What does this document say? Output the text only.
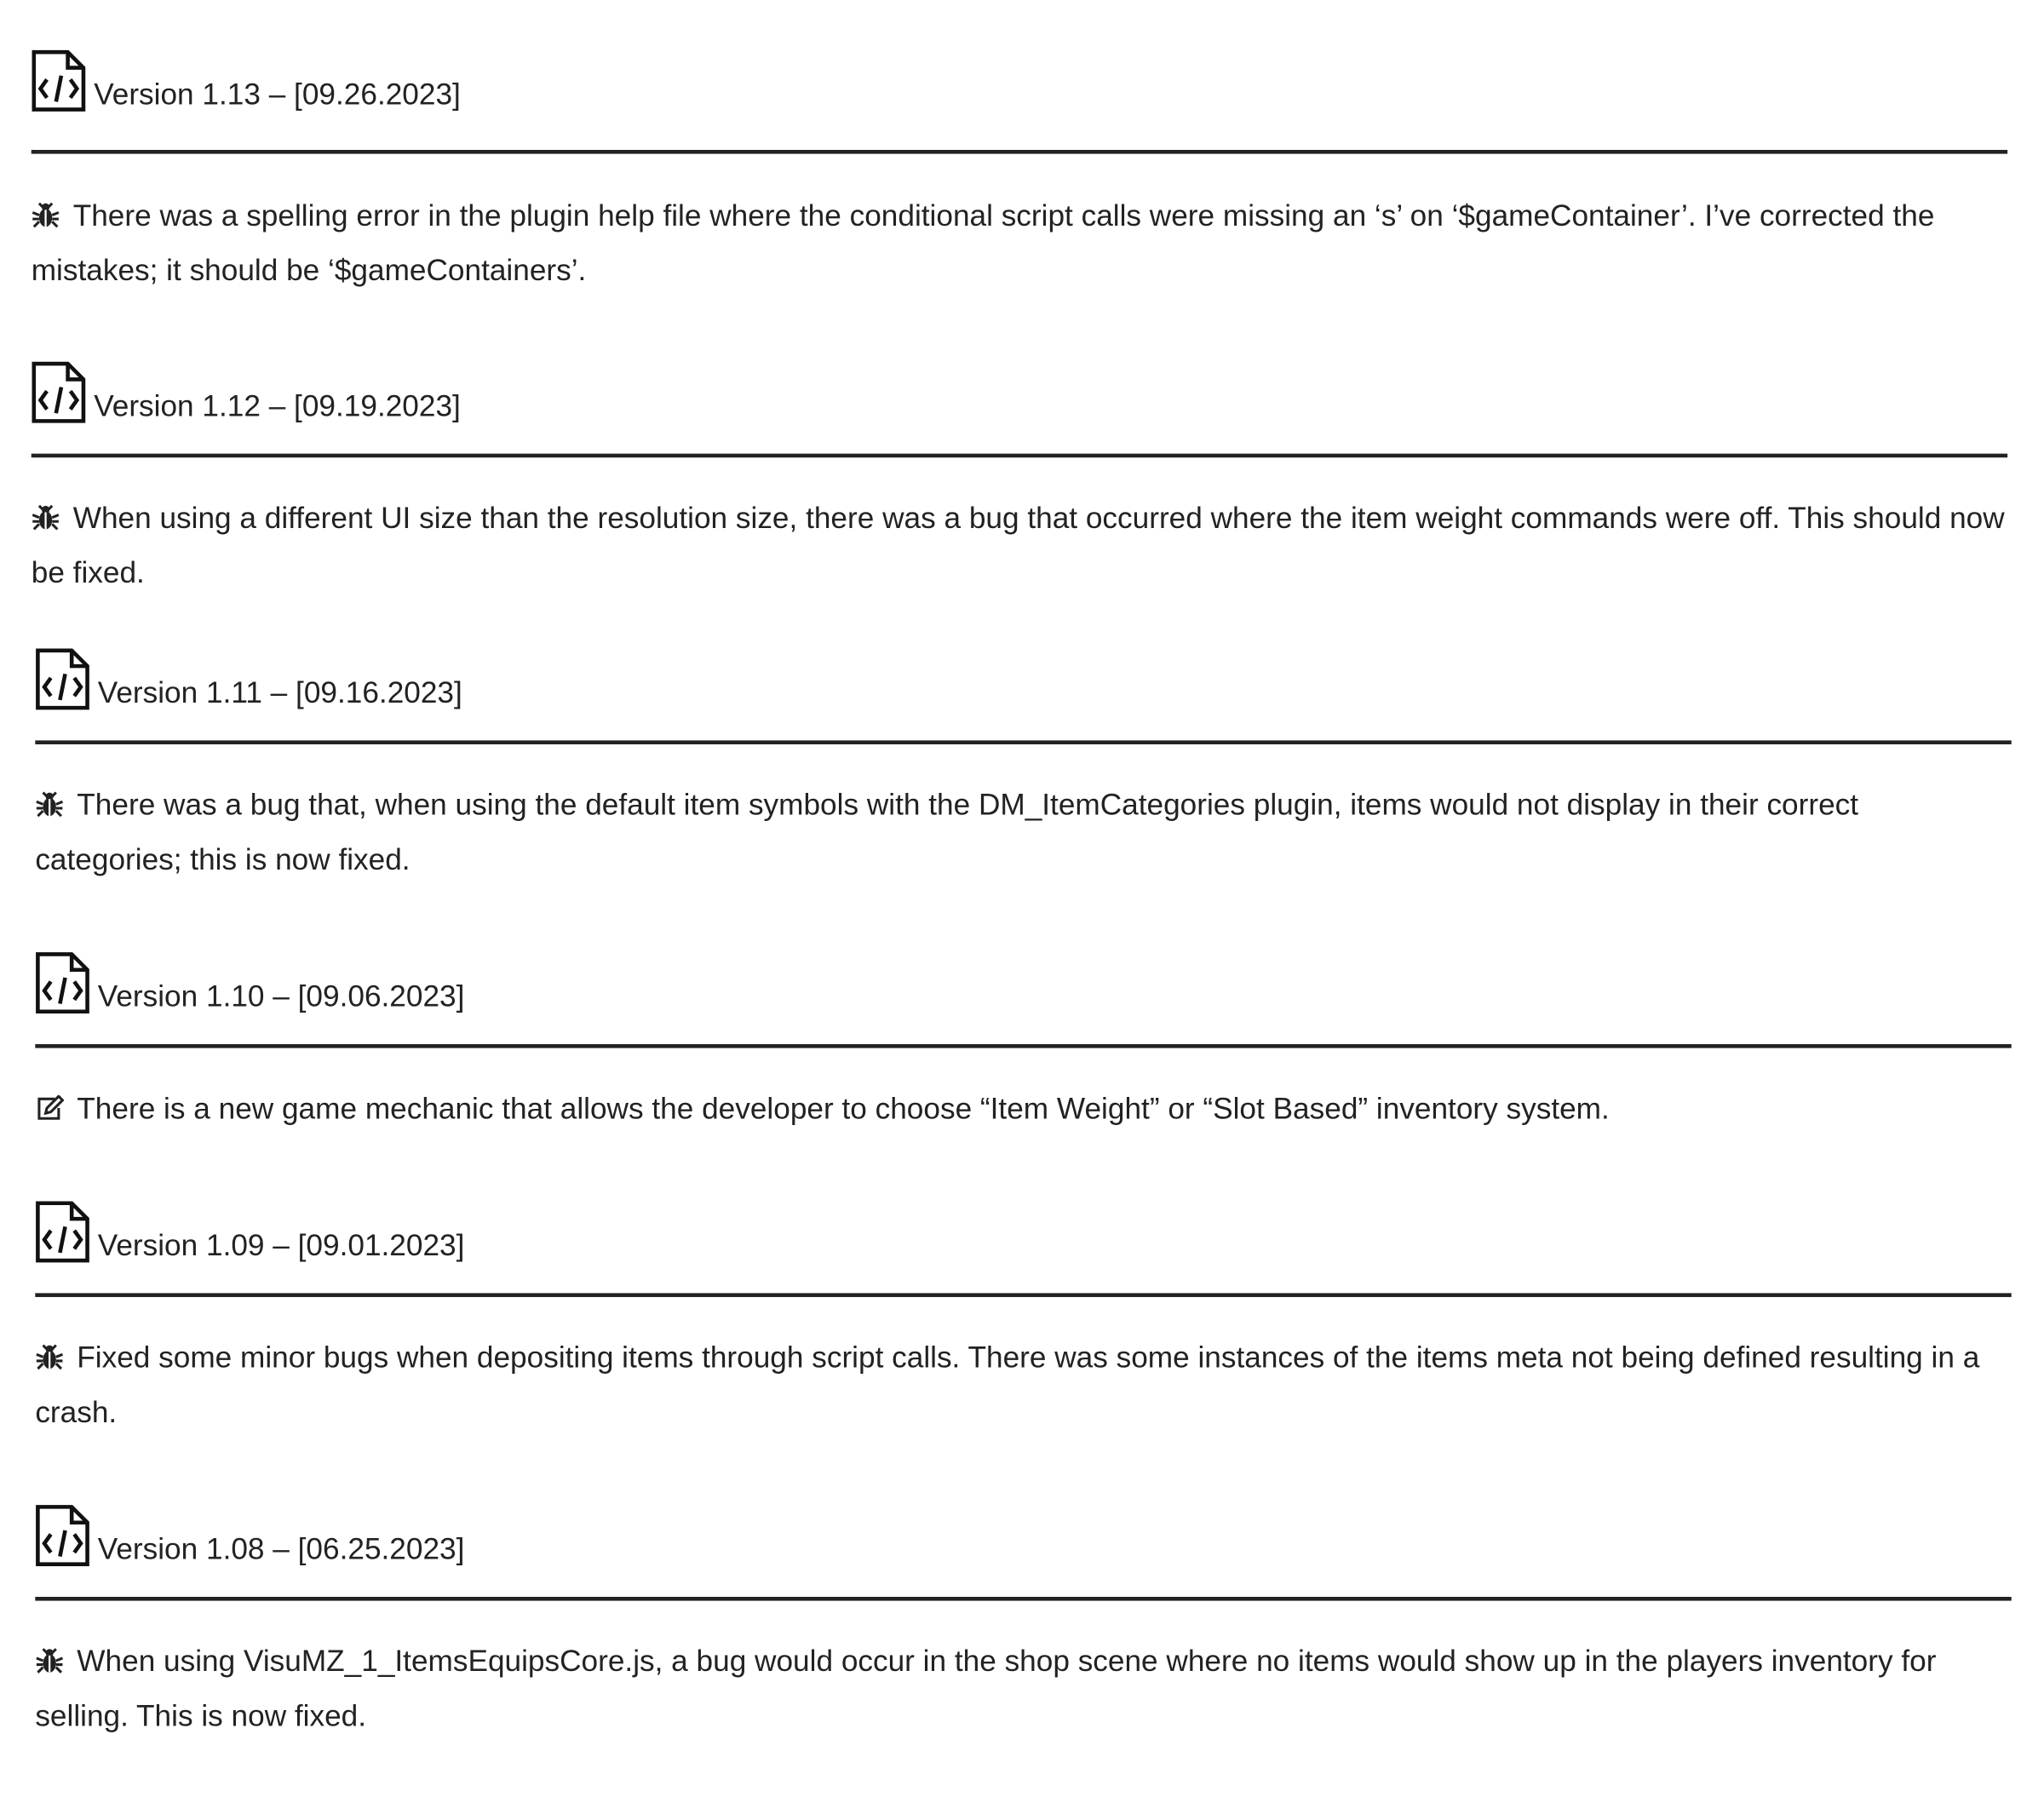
Version 1.13 – [09.26.2023]
There was a spelling error in the plugin help file where the conditional script calls were missing an ‘s’ on ‘$gameContainer’. I’ve corrected the mistakes; it should be ‘$gameContainers’.
Version 1.12 – [09.19.2023]
When using a different UI size than the resolution size, there was a bug that occurred where the item weight commands were off. This should now be fixed.
Version 1.11 – [09.16.2023]
There was a bug that, when using the default item symbols with the DM_ItemCategories plugin, items would not display in their correct categories; this is now fixed.
Version 1.10 – [09.06.2023]
There is a new game mechanic that allows the developer to choose “Item Weight” or “Slot Based” inventory system.
Version 1.09 – [09.01.2023]
Fixed some minor bugs when depositing items through script calls. There was some instances of the items meta not being defined resulting in a crash.
Version 1.08 – [06.25.2023]
When using VisuMZ_1_ItemsEquipsCore.js, a bug would occur in the shop scene where no items would show up in the players inventory for selling. This is now fixed.
